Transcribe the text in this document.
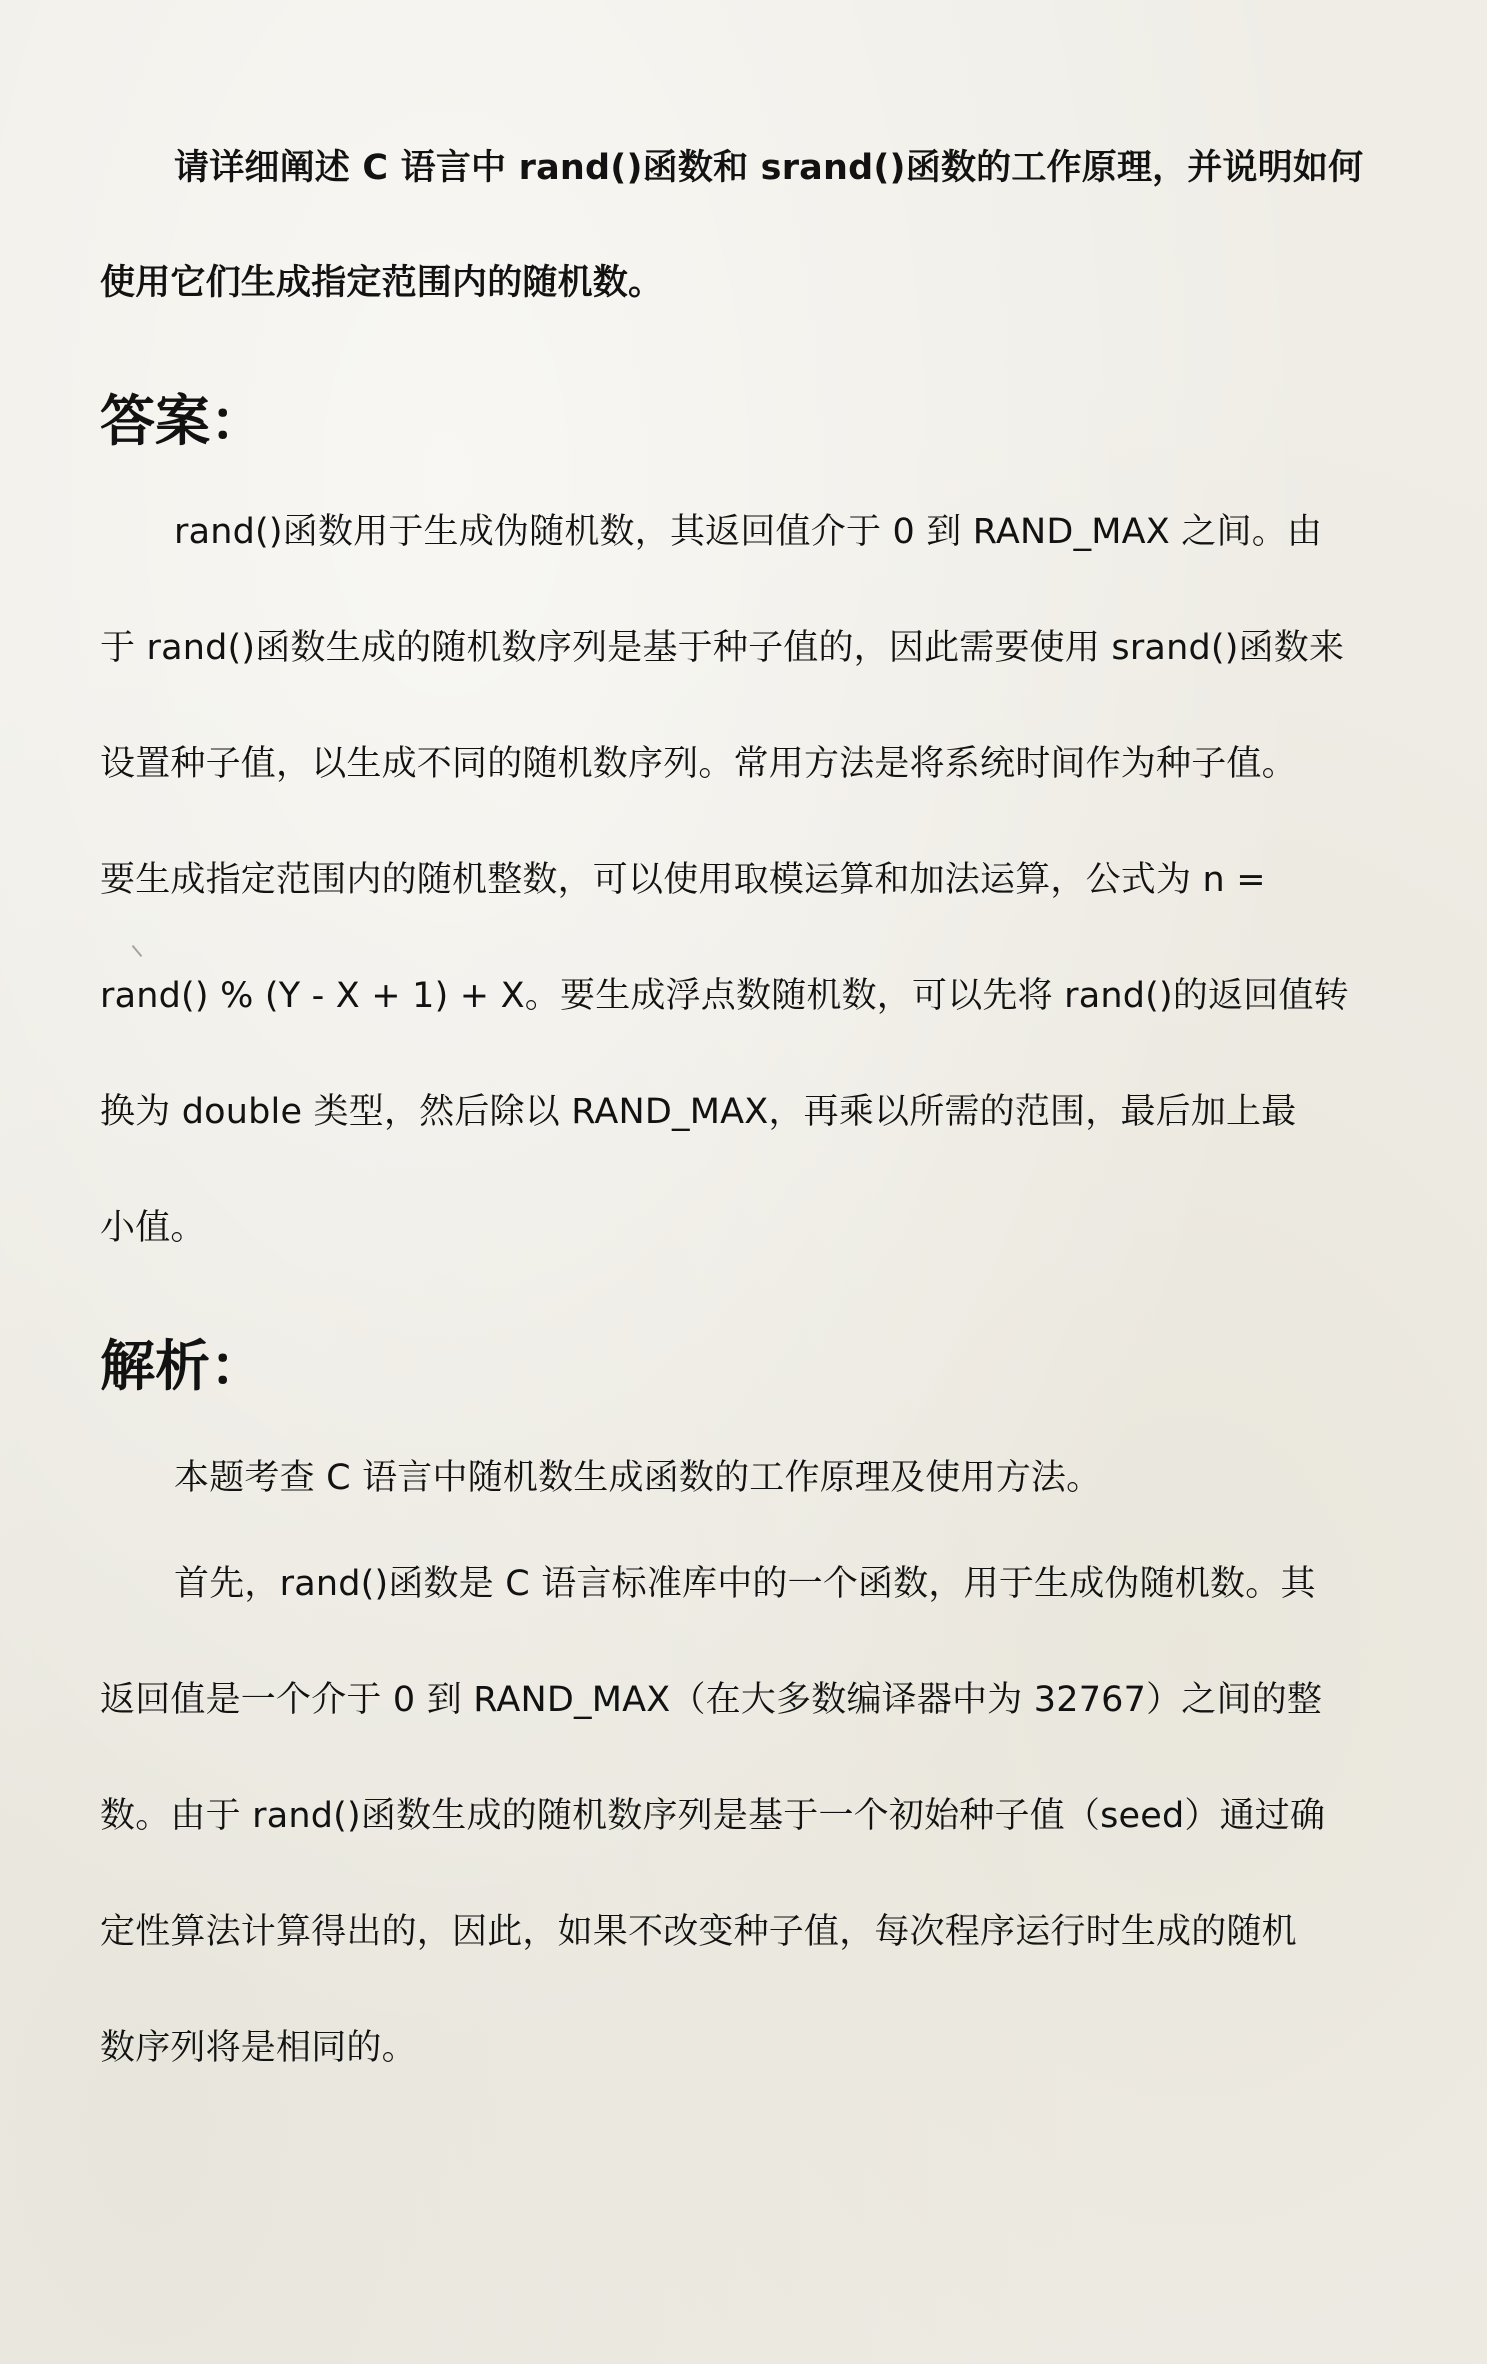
请详细阐述 C 语言中 rand()函数和 srand()函数的工作原理，并说明如何
使用它们生成指定范围内的随机数。
答案：
rand()函数用于生成伪随机数，其返回值介于 0 到 RAND_MAX 之间。由
于 rand()函数生成的随机数序列是基于种子值的，因此需要使用 srand()函数来
设置种子值，以生成不同的随机数序列。常用方法是将系统时间作为种子值。
要生成指定范围内的随机整数，可以使用取模运算和加法运算，公式为 n =
rand() % (Y - X + 1) + X。要生成浮点数随机数，可以先将 rand()的返回值转
换为 double 类型，然后除以 RAND_MAX，再乘以所需的范围，最后加上最
小值。
解析：
本题考查 C 语言中随机数生成函数的工作原理及使用方法。
首先，rand()函数是 C 语言标准库中的一个函数，用于生成伪随机数。其
返回值是一个介于 0 到 RAND_MAX（在大多数编译器中为 32767）之间的整
数。由于 rand()函数生成的随机数序列是基于一个初始种子值（seed）通过确
定性算法计算得出的，因此，如果不改变种子值，每次程序运行时生成的随机
数序列将是相同的。
